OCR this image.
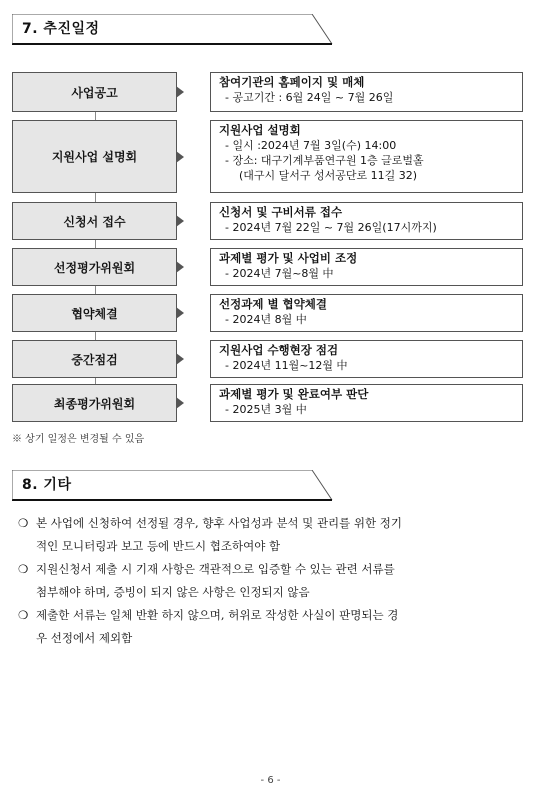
7. 추진일정
사업공고
참여기관의 홈페이지 및 매체
- 공고기간 : 6월 24일 ~ 7월 26일
지원사업 설명회
지원사업 설명회
- 일시 :2024년 7월 3일(수) 14:00
- 장소: 대구기계부품연구원 1층 글로벌홀
(대구시 달서구 성서공단로 11길 32)
신청서 접수
신청서 및 구비서류 접수
- 2024년 7월 22일 ~ 7월 26일(17시까지)
선정평가위원회
과제별 평가 및 사업비 조정
- 2024년 7월~8월 中
협약체결
선정과제 별 협약체결
- 2024년 8월 中
중간점검
지원사업 수행현장 점검
- 2024년 11월~12월 中
최종평가위원회
과제별 평가 및 완료여부 판단
- 2025년 3월 中
※ 상기 일정은 변경될 수 있음
8. 기타
❍ 본 사업에 신청하여 선정될 경우, 향후 사업성과 분석 및 관리를 위한 정기
적인 모니터링과 보고 등에 반드시 협조하여야 함
❍ 지원신청서 제출 시 기재 사항은 객관적으로 입증할 수 있는 관련 서류를
첨부해야 하며, 증빙이 되지 않은 사항은 인정되지 않음
❍ 제출한 서류는 일체 반환 하지 않으며, 허위로 작성한 사실이 판명되는 경
우 선정에서 제외함
- 6 -
